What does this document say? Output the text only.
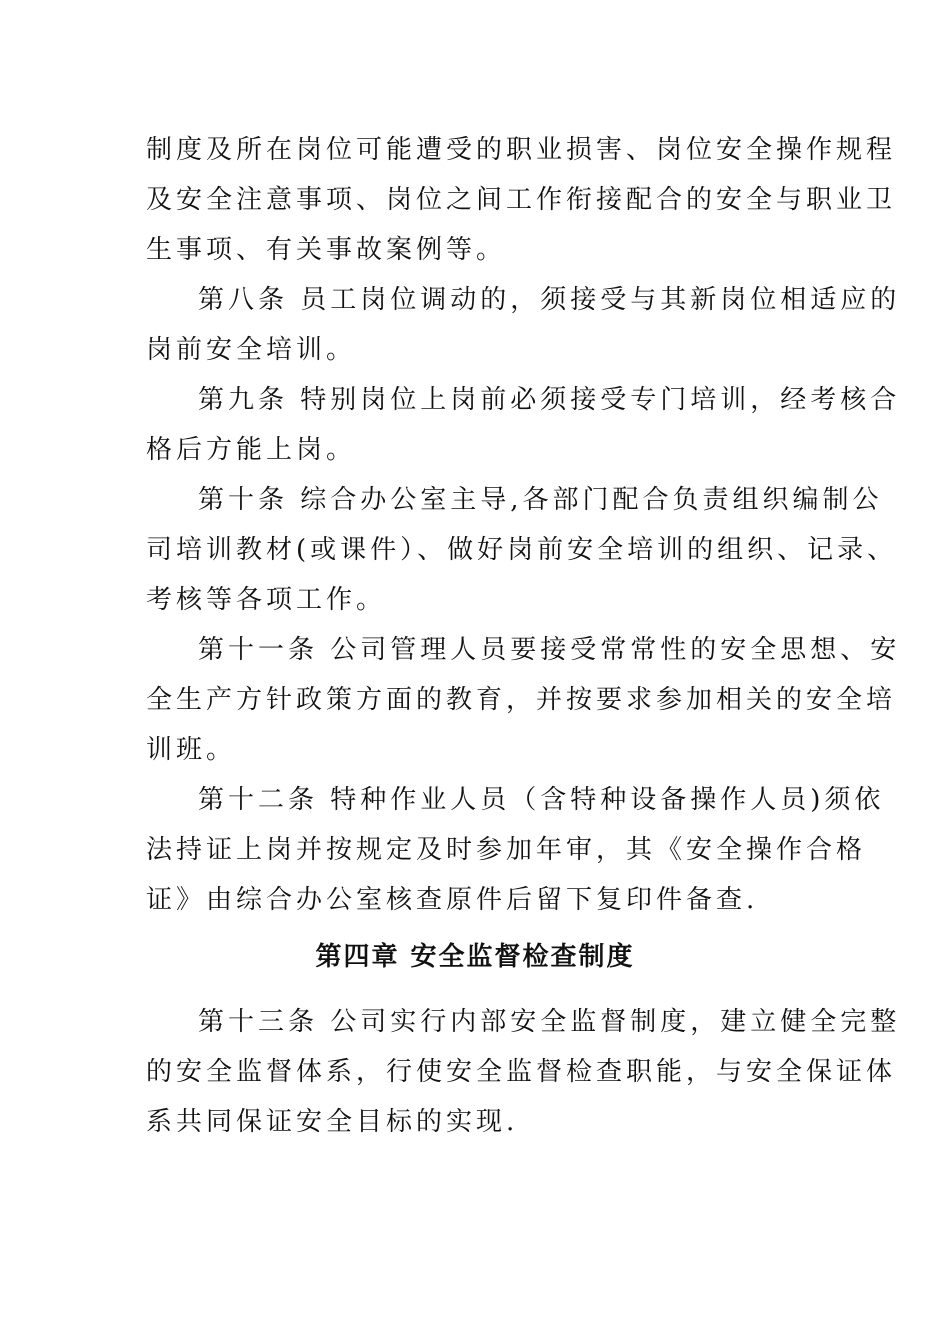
制度及所在岗位可能遭受的职业损害、岗位安全操作规程
及安全注意事项、岗位之间工作衔接配合的安全与职业卫
生事项、有关事故案例等。
第八条 员工岗位调动的，须接受与其新岗位相适应的
岗前安全培训。
第九条 特别岗位上岗前必须接受专门培训，经考核合
格后方能上岗。
第十条 综合办公室主导,各部门配合负责组织编制公
司培训教材(或课件）、做好岗前安全培训的组织、记录、
考核等各项工作。
第十一条 公司管理人员要接受常常性的安全思想、安
全生产方针政策方面的教育，并按要求参加相关的安全培
训班。
第十二条 特种作业人员（含特种设备操作人员)须依
法持证上岗并按规定及时参加年审，其《安全操作合格
证》由综合办公室核查原件后留下复印件备查.
第四章 安全监督检查制度
第十三条 公司实行内部安全监督制度，建立健全完整
的安全监督体系，行使安全监督检查职能，与安全保证体
系共同保证安全目标的实现.
